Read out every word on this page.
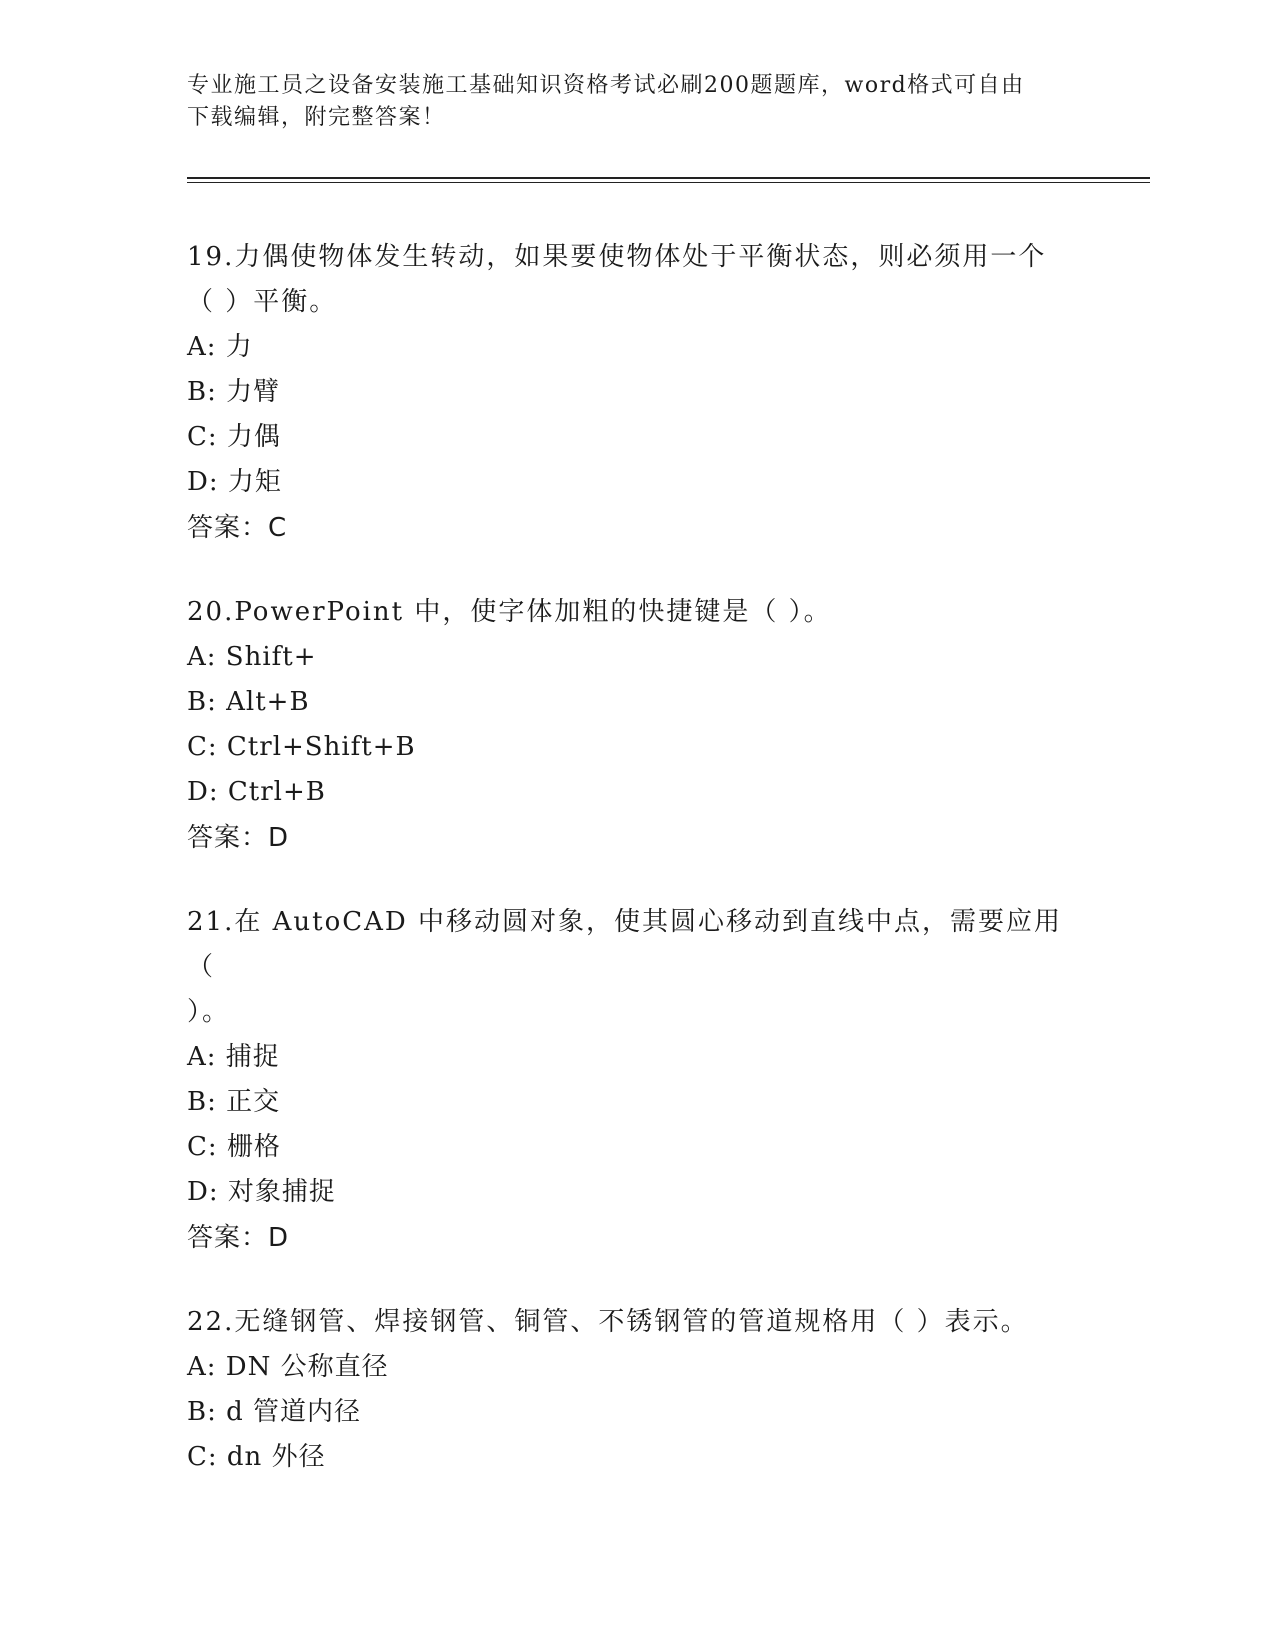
专业施工员之设备安装施工基础知识资格考试必刷200题题库，word格式可自由
下载编辑，附完整答案！
19.力偶使物体发生转动，如果要使物体处于平衡状态，则必须用一个
（ ）平衡。
A: 力
B: 力臂
C: 力偶
D: 力矩
答案：C
20.PowerPoint 中，使字体加粗的快捷键是（ ）。
A: Shift+
B: Alt+B
C: Ctrl+Shift+B
D: Ctrl+B
答案：D
21.在 AutoCAD 中移动圆对象，使其圆心移动到直线中点，需要应用（
）。
A: 捕捉
B: 正交
C: 栅格
D: 对象捕捉
答案：D
22.无缝钢管、焊接钢管、铜管、不锈钢管的管道规格用（ ）表示。
A: DN 公称直径
B: d 管道内径
C: dn 外径
